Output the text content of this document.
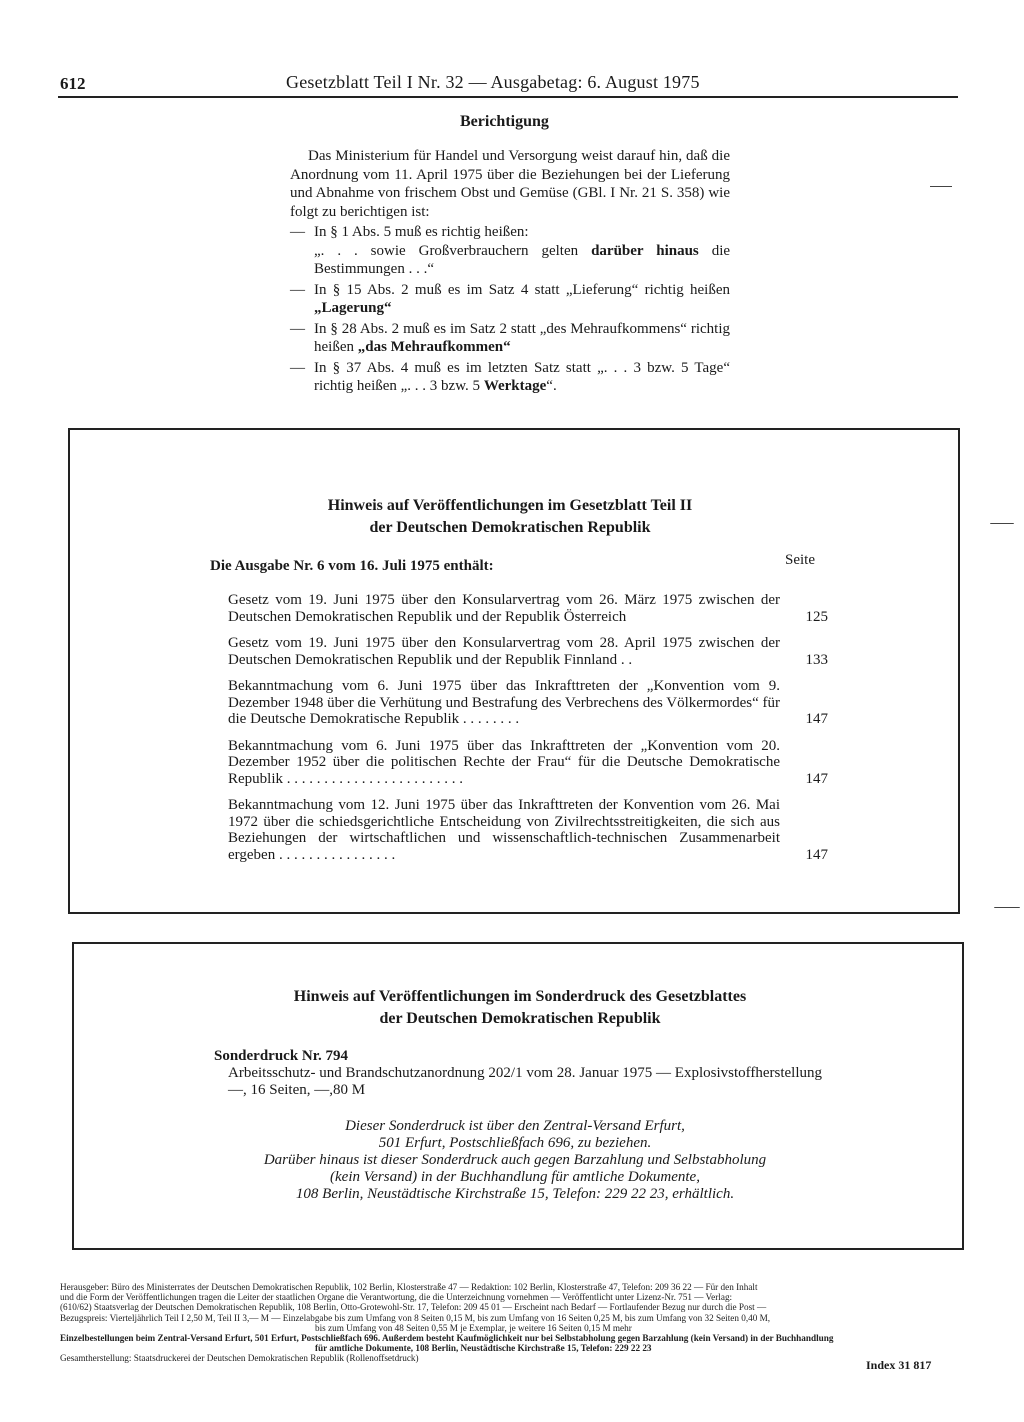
612	Gesetzblatt Teil I Nr. 32 — Ausgabetag: 6. August 1975
Berichtigung

Das Ministerium für Handel und Versorgung weist darauf hin, daß die Anordnung vom 11. April 1975 über die Beziehungen bei der Lieferung und Abnahme von frischem Obst und Gemüse (GBl. I Nr. 21 S. 358) wie folgt zu berichtigen ist:

— In § 1 Abs. 5 muß es richtig heißen:
„. . . sowie Großverbrauchern gelten darüber hinaus die Bestimmungen . . .“
— In § 15 Abs. 2 muß es im Satz 4 statt „Lieferung“ richtig heißen „Lagerung“
— In § 28 Abs. 2 muß es im Satz 2 statt „des Mehraufkommens“ richtig heißen „das Mehraufkommen“
— In § 37 Abs. 4 muß es im letzten Satz statt „. . . 3 bzw. 5 Tage“ richtig heißen „. . . 3 bzw. 5 Werktage“.
Hinweis auf Veröffentlichungen im Gesetzblatt Teil II
der Deutschen Demokratischen Republik
Die Ausgabe Nr. 6 vom 16. Juli 1975 enthält:	Seite
Gesetz vom 19. Juni 1975 über den Konsularvertrag vom 26. März 1975 zwischen der Deutschen Demokratischen Republik und der Republik Österreich	125
Gesetz vom 19. Juni 1975 über den Konsularvertrag vom 28. April 1975 zwischen der Deutschen Demokratischen Republik und der Republik Finnland . .	133
Bekanntmachung vom 6. Juni 1975 über das Inkrafttreten der „Konvention vom 9. Dezember 1948 über die Verhütung und Bestrafung des Verbrechens des Völkermordes“ für die Deutsche Demokratische Republik . . . . . . . .	147
Bekanntmachung vom 6. Juni 1975 über das Inkrafttreten der „Konvention vom 20. Dezember 1952 über die politischen Rechte der Frau“ für die Deutsche Demokratische Republik . . . . . . . . . . . . . . . . . . . . . . . .	147
Bekanntmachung vom 12. Juni 1975 über das Inkrafttreten der Konvention vom 26. Mai 1972 über die schiedsgerichtliche Entscheidung von Zivilrechtsstreitigkeiten, die sich aus Beziehungen der wirtschaftlichen und wissenschaftlich-technischen Zusammenarbeit ergeben . . . . . . . . . . . . . . . .	147
Hinweis auf Veröffentlichungen im Sonderdruck des Gesetzblattes
der Deutschen Demokratischen Republik
Sonderdruck Nr. 794
Arbeitsschutz- und Brandschutzanordnung 202/1 vom 28. Januar 1975 — Explosivstoffherstellung —, 16 Seiten, —,80 M
Dieser Sonderdruck ist über den Zentral-Versand Erfurt,
501 Erfurt, Postschließfach 696, zu beziehen.
Darüber hinaus ist dieser Sonderdruck auch gegen Barzahlung und Selbstabholung
(kein Versand) in der Buchhandlung für amtliche Dokumente,
108 Berlin, Neustädtische Kirchstraße 15, Telefon: 229 22 23, erhältlich.
Herausgeber: Büro des Ministerrates der Deutschen Demokratischen Republik, 102 Berlin, Klosterstraße 47 — Redaktion: 102 Berlin, Klosterstraße 47, Telefon: 209 36 22 — Für den Inhalt
und die Form der Veröffentlichungen tragen die Leiter der staatlichen Organe die Verantwortung, die die Unterzeichnung vornehmen — Veröffentlicht unter Lizenz-Nr. 751 — Verlag:
(610/62) Staatsverlag der Deutschen Demokratischen Republik, 108 Berlin, Otto-Grotewohl-Str. 17, Telefon: 209 45 01 — Erscheint nach Bedarf — Fortlaufender Bezug nur durch die Post —
Bezugspreis: Vierteljährlich Teil I 2,50 M, Teil II 3,— M — Einzelabgabe bis zum Umfang von 8 Seiten 0,15 M, bis zum Umfang von 16 Seiten 0,25 M, bis zum Umfang von 32 Seiten 0,40 M,
bis zum Umfang von 48 Seiten 0,55 M je Exemplar, je weitere 16 Seiten 0,15 M mehr
Einzelbestellungen beim Zentral-Versand Erfurt, 501 Erfurt, Postschließfach 696. Außerdem besteht Kaufmöglichkeit nur bei Selbstabholung gegen Barzahlung (kein Versand) in der Buchhandlung
für amtliche Dokumente, 108 Berlin, Neustädtische Kirchstraße 15, Telefon: 229 22 23
Gesamtherstellung: Staatsdruckerei der Deutschen Demokratischen Republik (Rollenoffsetdruck)	Index 31 817
